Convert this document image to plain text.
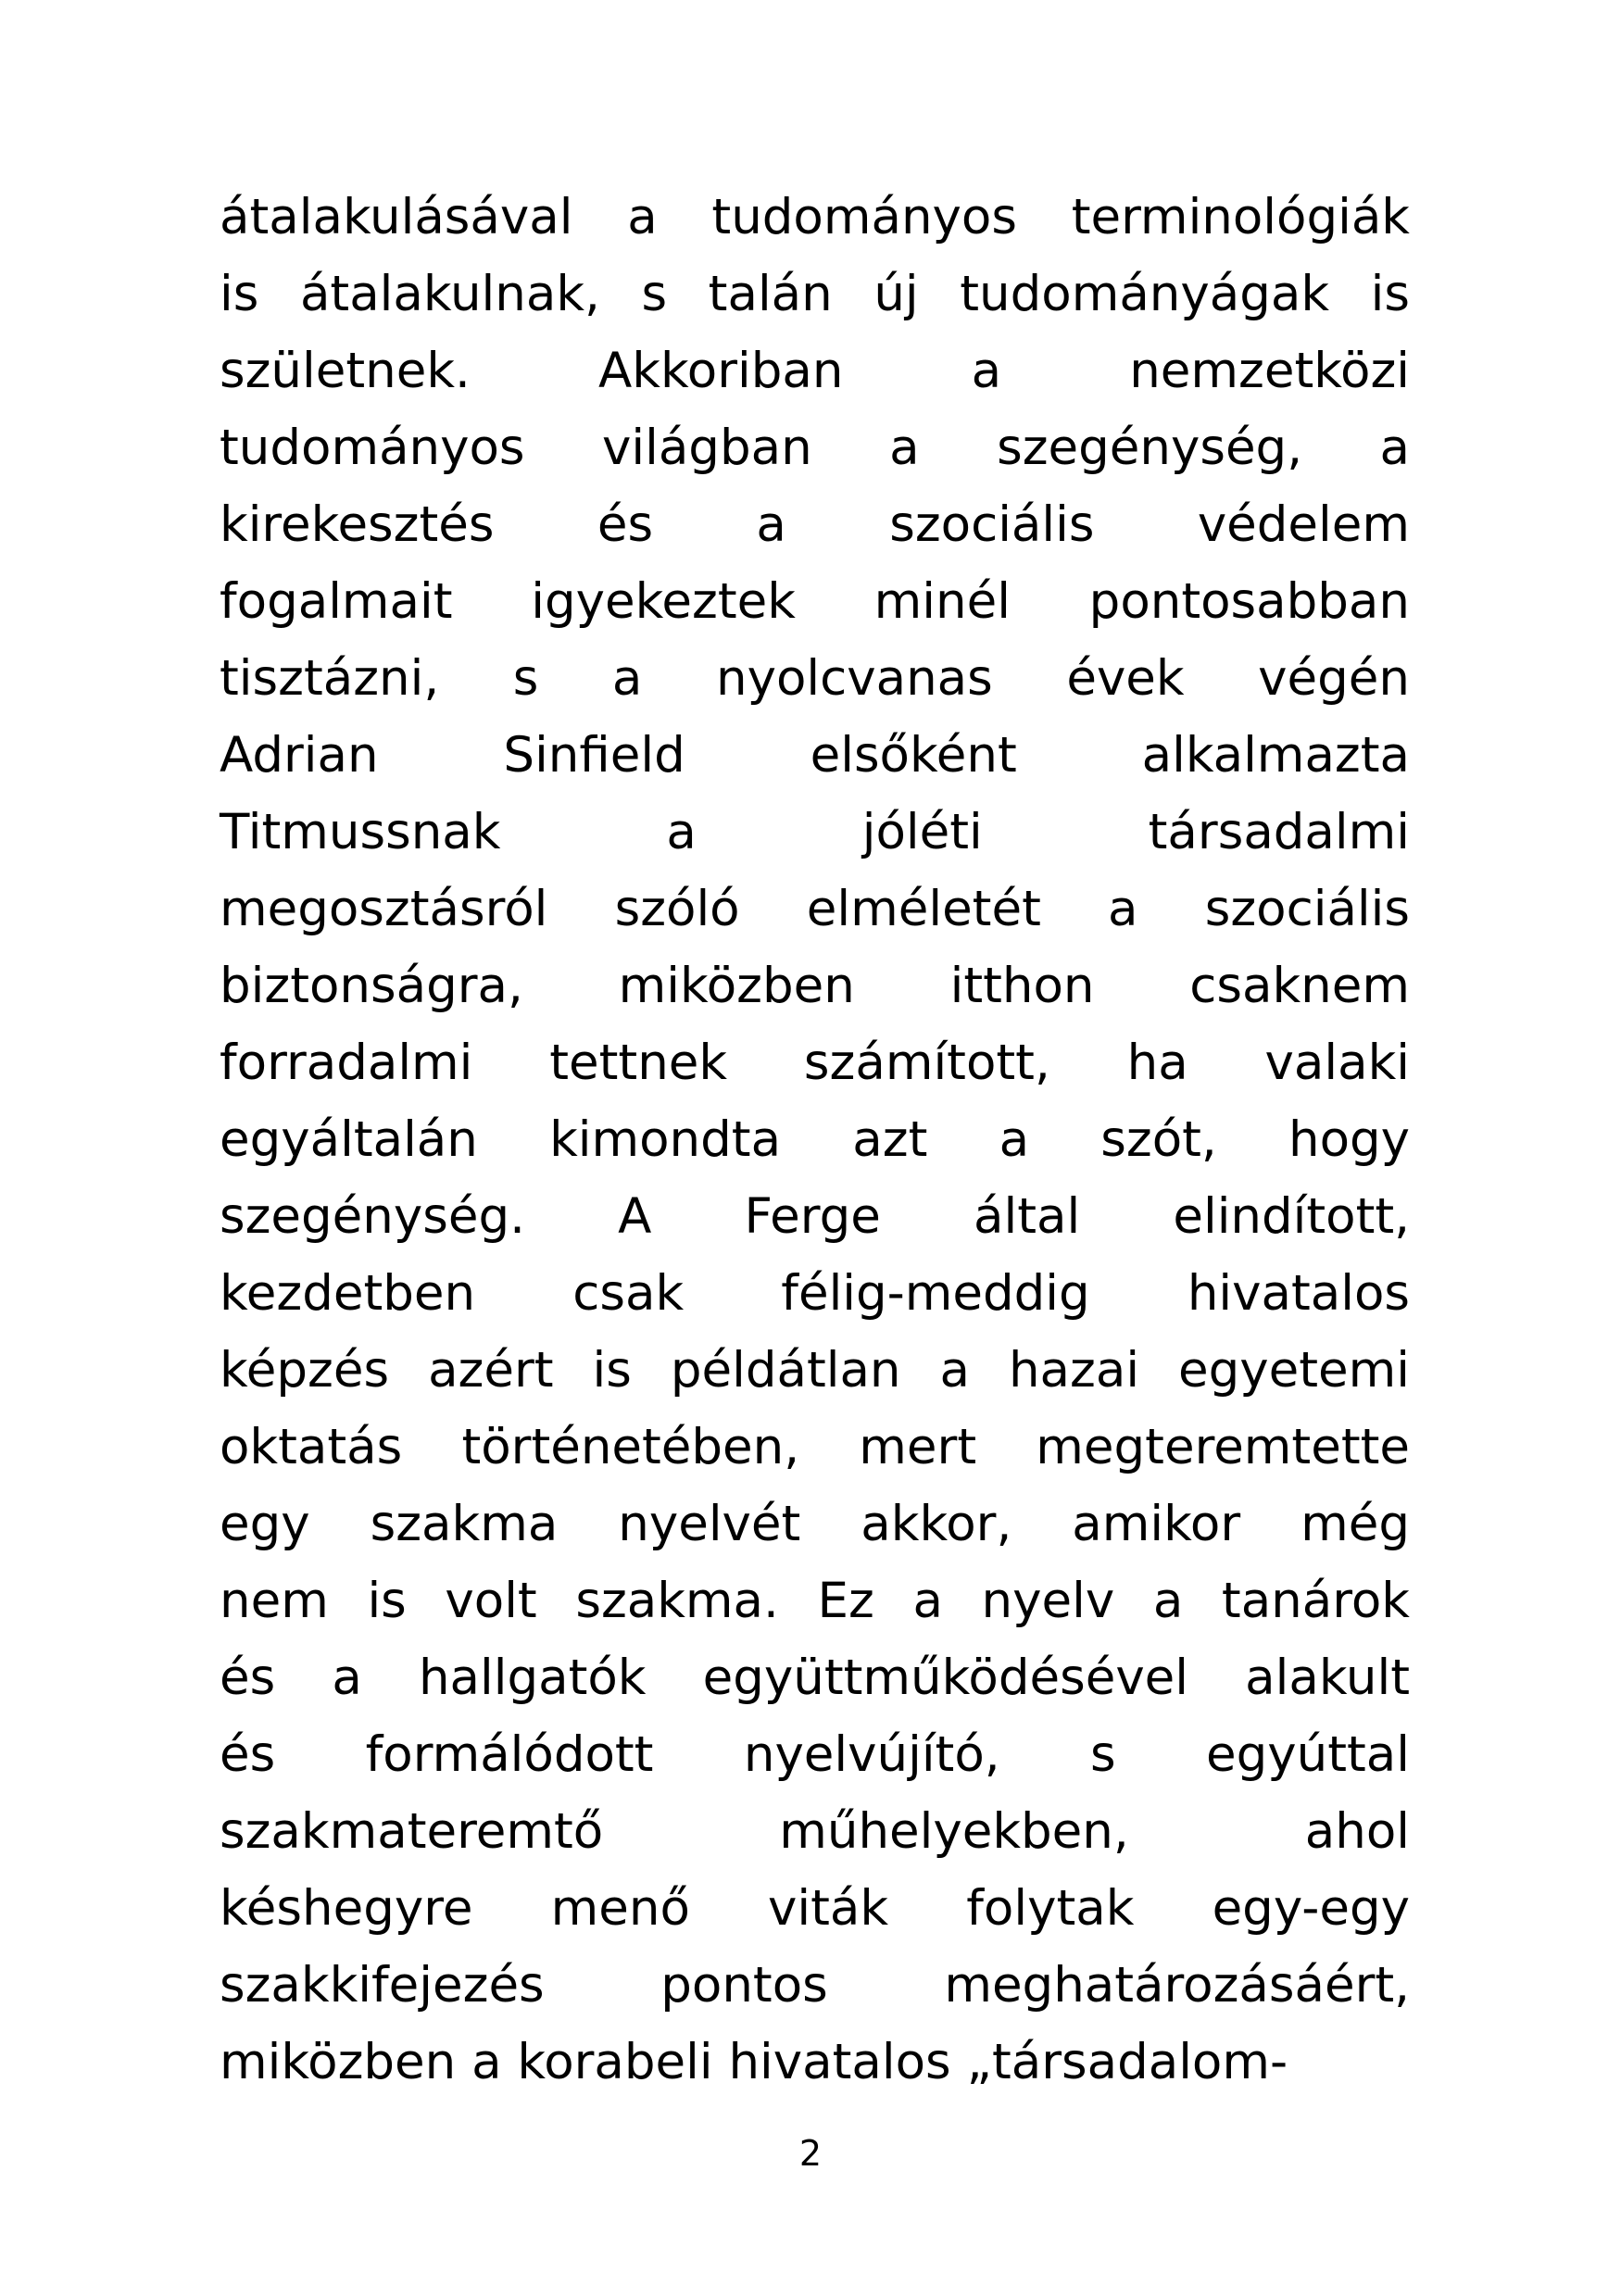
átalakulásával a tudományos terminológiák
is átalakulnak, s talán új tudományágak is
születnek. Akkoriban a nemzetközi
tudományos világban a szegénység, a
kirekesztés és a szociális védelem
fogalmait igyekeztek minél pontosabban
tisztázni, s a nyolcvanas évek végén
Adrian Sinfield elsőként alkalmazta
Titmussnak a jóléti társadalmi
megosztásról szóló elméletét a szociális
biztonságra, miközben itthon csaknem
forradalmi tettnek számított, ha valaki
egyáltalán kimondta azt a szót, hogy
szegénység. A Ferge által elindított,
kezdetben csak félig-meddig hivatalos
képzés azért is példátlan a hazai egyetemi
oktatás történetében, mert megteremtette
egy szakma nyelvét akkor, amikor még
nem is volt szakma. Ez a nyelv a tanárok
és a hallgatók együttműködésével alakult
és formálódott nyelvújító, s egyúttal
szakmateremtő műhelyekben, ahol
késhegyre menő viták folytak egy-egy
szakkifejezés pontos meghatározásáért,
miközben a korabeli hivatalos „társadalom-
2
